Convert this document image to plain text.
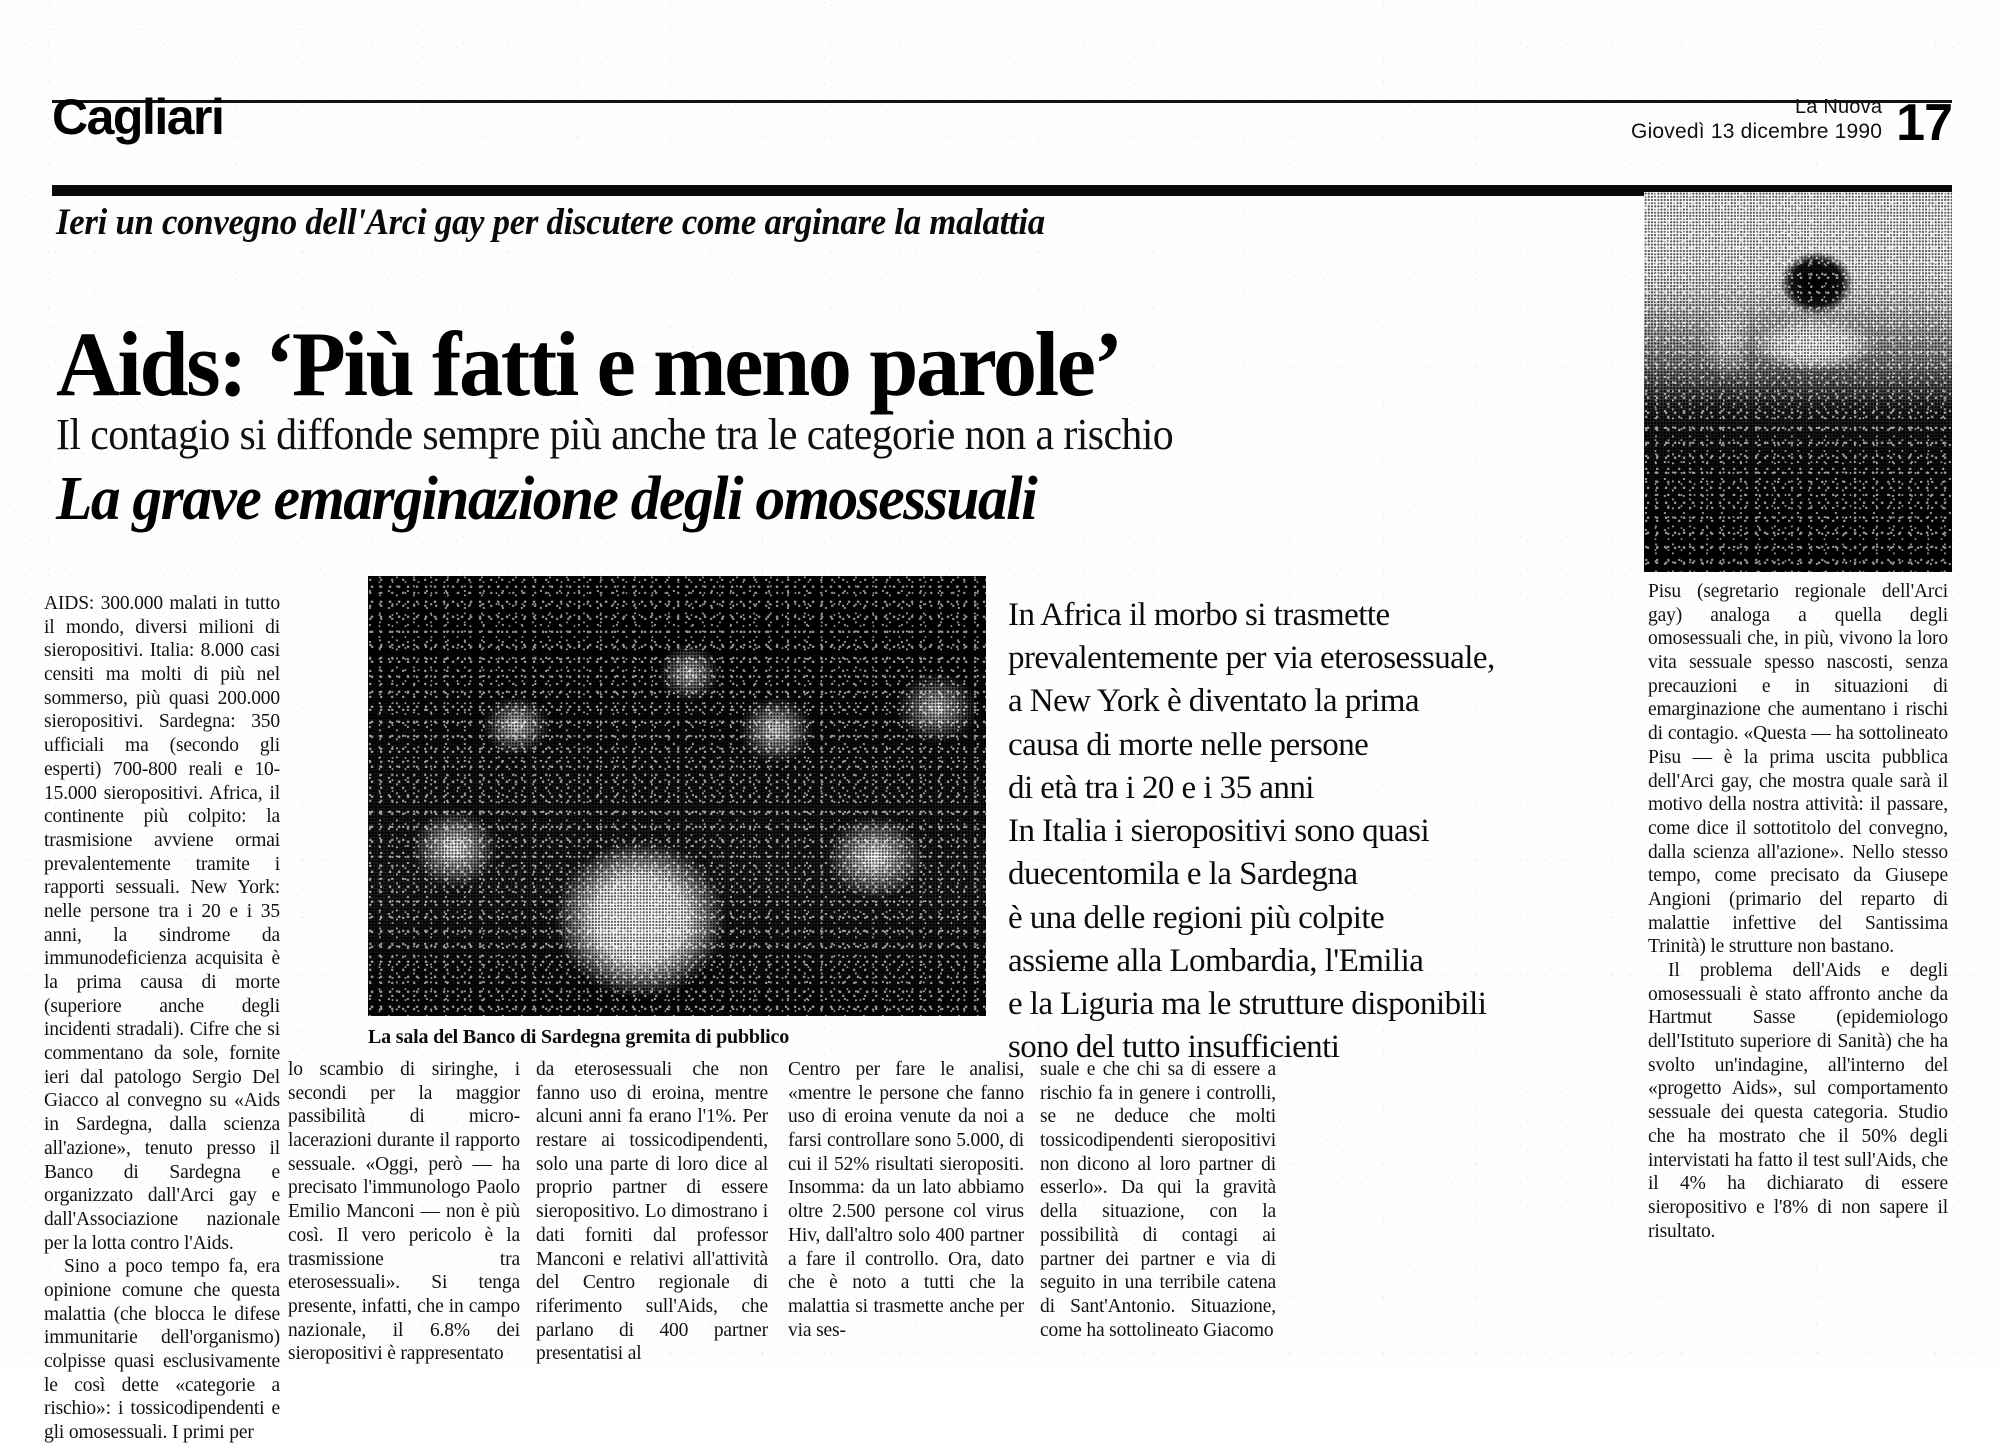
Cagliari	La Nuova
Giovedì 13 dicembre 1990 17
Ieri un convegno dell'Arci gay per discutere come arginare la malattia
Aids: ‘Più fatti e meno parole’
Il contagio si diffonde sempre più anche tra le categorie non a rischio
La grave emarginazione degli omosessuali
La sala del Banco di Sardegna gremita di pubblico

In Africa il morbo si trasmette

prevalentemente per via eterosessuale,

a New York è diventato la prima

causa di morte nelle persone

di età tra i 20 e i 35 anni

In Italia i sieropositivi sono quasi

duecentomila e la Sardegna

è una delle regioni più colpite

assieme alla Lombardia, l'Emilia

e la Liguria ma le strutture disponibili

sono del tutto insufficienti

AIDS: 300.000 malati in tutto il mondo, diversi milioni di sieropositivi. Italia: 8.000 casi censiti ma molti di più nel sommerso, più quasi 200.000 sieropositivi. Sardegna: 350 ufficiali ma (secondo gli esperti) 700-800 reali e 10-15.000 sieropositivi. Africa, il continente più colpito: la trasmisione avviene ormai prevalentemente tramite i rapporti sessuali. New York: nelle persone tra i 20 e i 35 anni, la sindrome da immunodeficienza acquisita è la prima causa di morte (superiore anche degli incidenti stradali). Cifre che si commentano da sole, fornite ieri dal patologo Sergio Del Giacco al convegno su «Aids in Sardegna, dalla scienza all'azione», tenuto presso il Banco di Sardegna e organizzato dall'Arci gay e dall'Associazione nazionale per la lotta contro l'Aids.

Sino a poco tempo fa, era opinione comune che questa malattia (che blocca le difese immunitarie dell'organismo) colpisse quasi esclusivamente le così dette «categorie a rischio»: i tossicodipendenti e gli omosessuali. I primi per

Pisu (segretario regionale dell'Arci gay) analoga a quella degli omosessuali che, in più, vivono la loro vita sessuale spesso nascosti, senza precauzioni e in situazioni di emarginazione che aumentano i rischi di contagio. «Questa — ha sottolineato Pisu — è la prima uscita pubblica dell'Arci gay, che mostra quale sarà il motivo della nostra attività: il passare, come dice il sottotitolo del convegno, dalla scienza all'azione». Nello stesso tempo, come precisato da Giusepe Angioni (primario del reparto di malattie infettive del Santissima Trinità) le strutture non bastano.

Il problema dell'Aids e degli omosessuali è stato affronto anche da Hartmut Sasse (epidemiologo dell'Istituto superiore di Sanità) che ha svolto un'indagine, all'interno del «progetto Aids», sul comportamento sessuale dei questa categoria. Studio che ha mostrato che il 50% degli intervistati ha fatto il test sull'Aids, che il 4% ha dichiarato di essere sieropositivo e l'8% di non sapere il risultato.

lo scambio di siringhe, i secondi per la maggior passibilità di micro-lacerazioni durante il rapporto sessuale. «Oggi, però — ha precisato l'immunologo Paolo Emilio Manconi — non è più così. Il vero pericolo è la trasmissione tra eterosessuali». Si tenga presente, infatti, che in campo nazionale, il 6.8% dei sieropositivi è rappresentato

da eterosessuali che non fanno uso di eroina, mentre alcuni anni fa erano l'1%. Per restare ai tossicodipendenti, solo una parte di loro dice al proprio partner di essere sieropositivo. Lo dimostrano i dati forniti dal professor Manconi e relativi all'attività del Centro regionale di riferimento sull'Aids, che parlano di 400 partner presentatisi al

Centro per fare le analisi, «mentre le persone che fanno uso di eroina venute da noi a farsi controllare sono 5.000, di cui il 52% risultati sieropositi. Insomma: da un lato abbiamo oltre 2.500 persone col virus Hiv, dall'altro solo 400 partner a fare il controllo. Ora, dato che è noto a tutti che la malattia si trasmette anche per via ses-

suale e che chi sa di essere a rischio fa in genere i controlli, se ne deduce che molti tossicodipendenti sieropositivi non dicono al loro partner di esserlo». Da qui la gravità della situazione, con la possibilità di contagi ai partner dei partner e via di seguito in una terribile catena di Sant'Antonio. Situazione, come ha sottolineato Giacomo
